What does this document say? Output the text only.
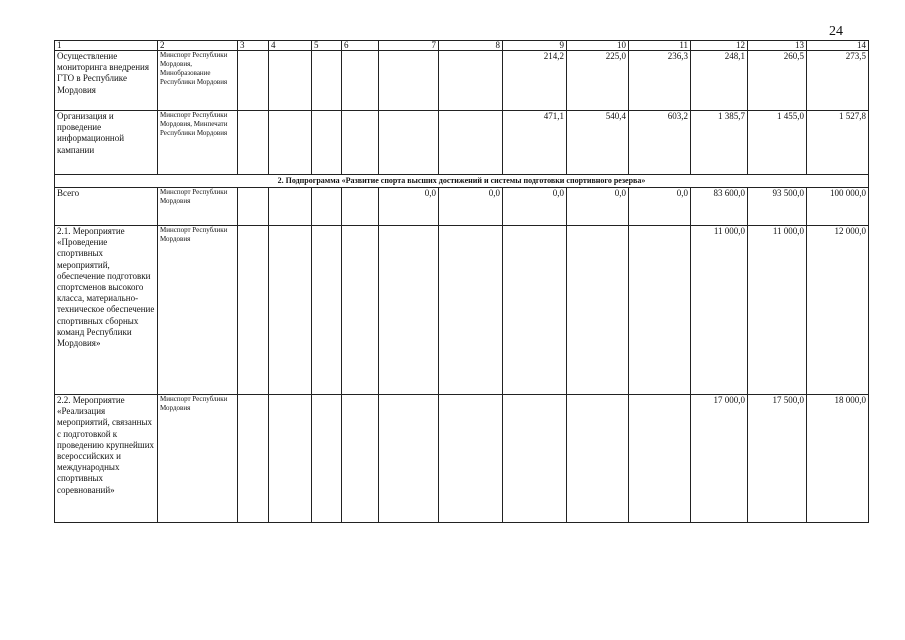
24
1	2	3	4	5	6	7	8	9	10	11	12	13	14
Осуществление мониторинга внедрения ГТО в Республике Мордовия	Минспорт Республики Мордовия, Минобразование Республики Мордовия							214,2	225,0	236,3	248,1	260,5	273,5
Организация и проведение информационной кампании	Минспорт Республики Мордовия, Минпечати Республики Мордовия							471,1	540,4	603,2	1 385,7	1 455,0	1 527,8
2. Подпрограмма «Развитие спорта высших достижений и системы подготовки спортивного резерва»													
Всего	Минспорт Республики Мордовия					0,0	0,0	0,0	0,0	0,0	83 600,0	93 500,0	100 000,0
2.1. Мероприятие «Проведение спортивных мероприятий, обеспечение подготовки спортсменов высокого класса, материально-техническое обеспечение спортивных сборных команд Республики Мордовия»	Минспорт Республики Мордовия										11 000,0	11 000,0	12 000,0
2.2. Мероприятие «Реализация мероприятий, связанных с подготовкой к проведению крупнейших всероссийских и международных спортивных соревнований»	Минспорт Республики Мордовия										17 000,0	17 500,0	18 000,0
